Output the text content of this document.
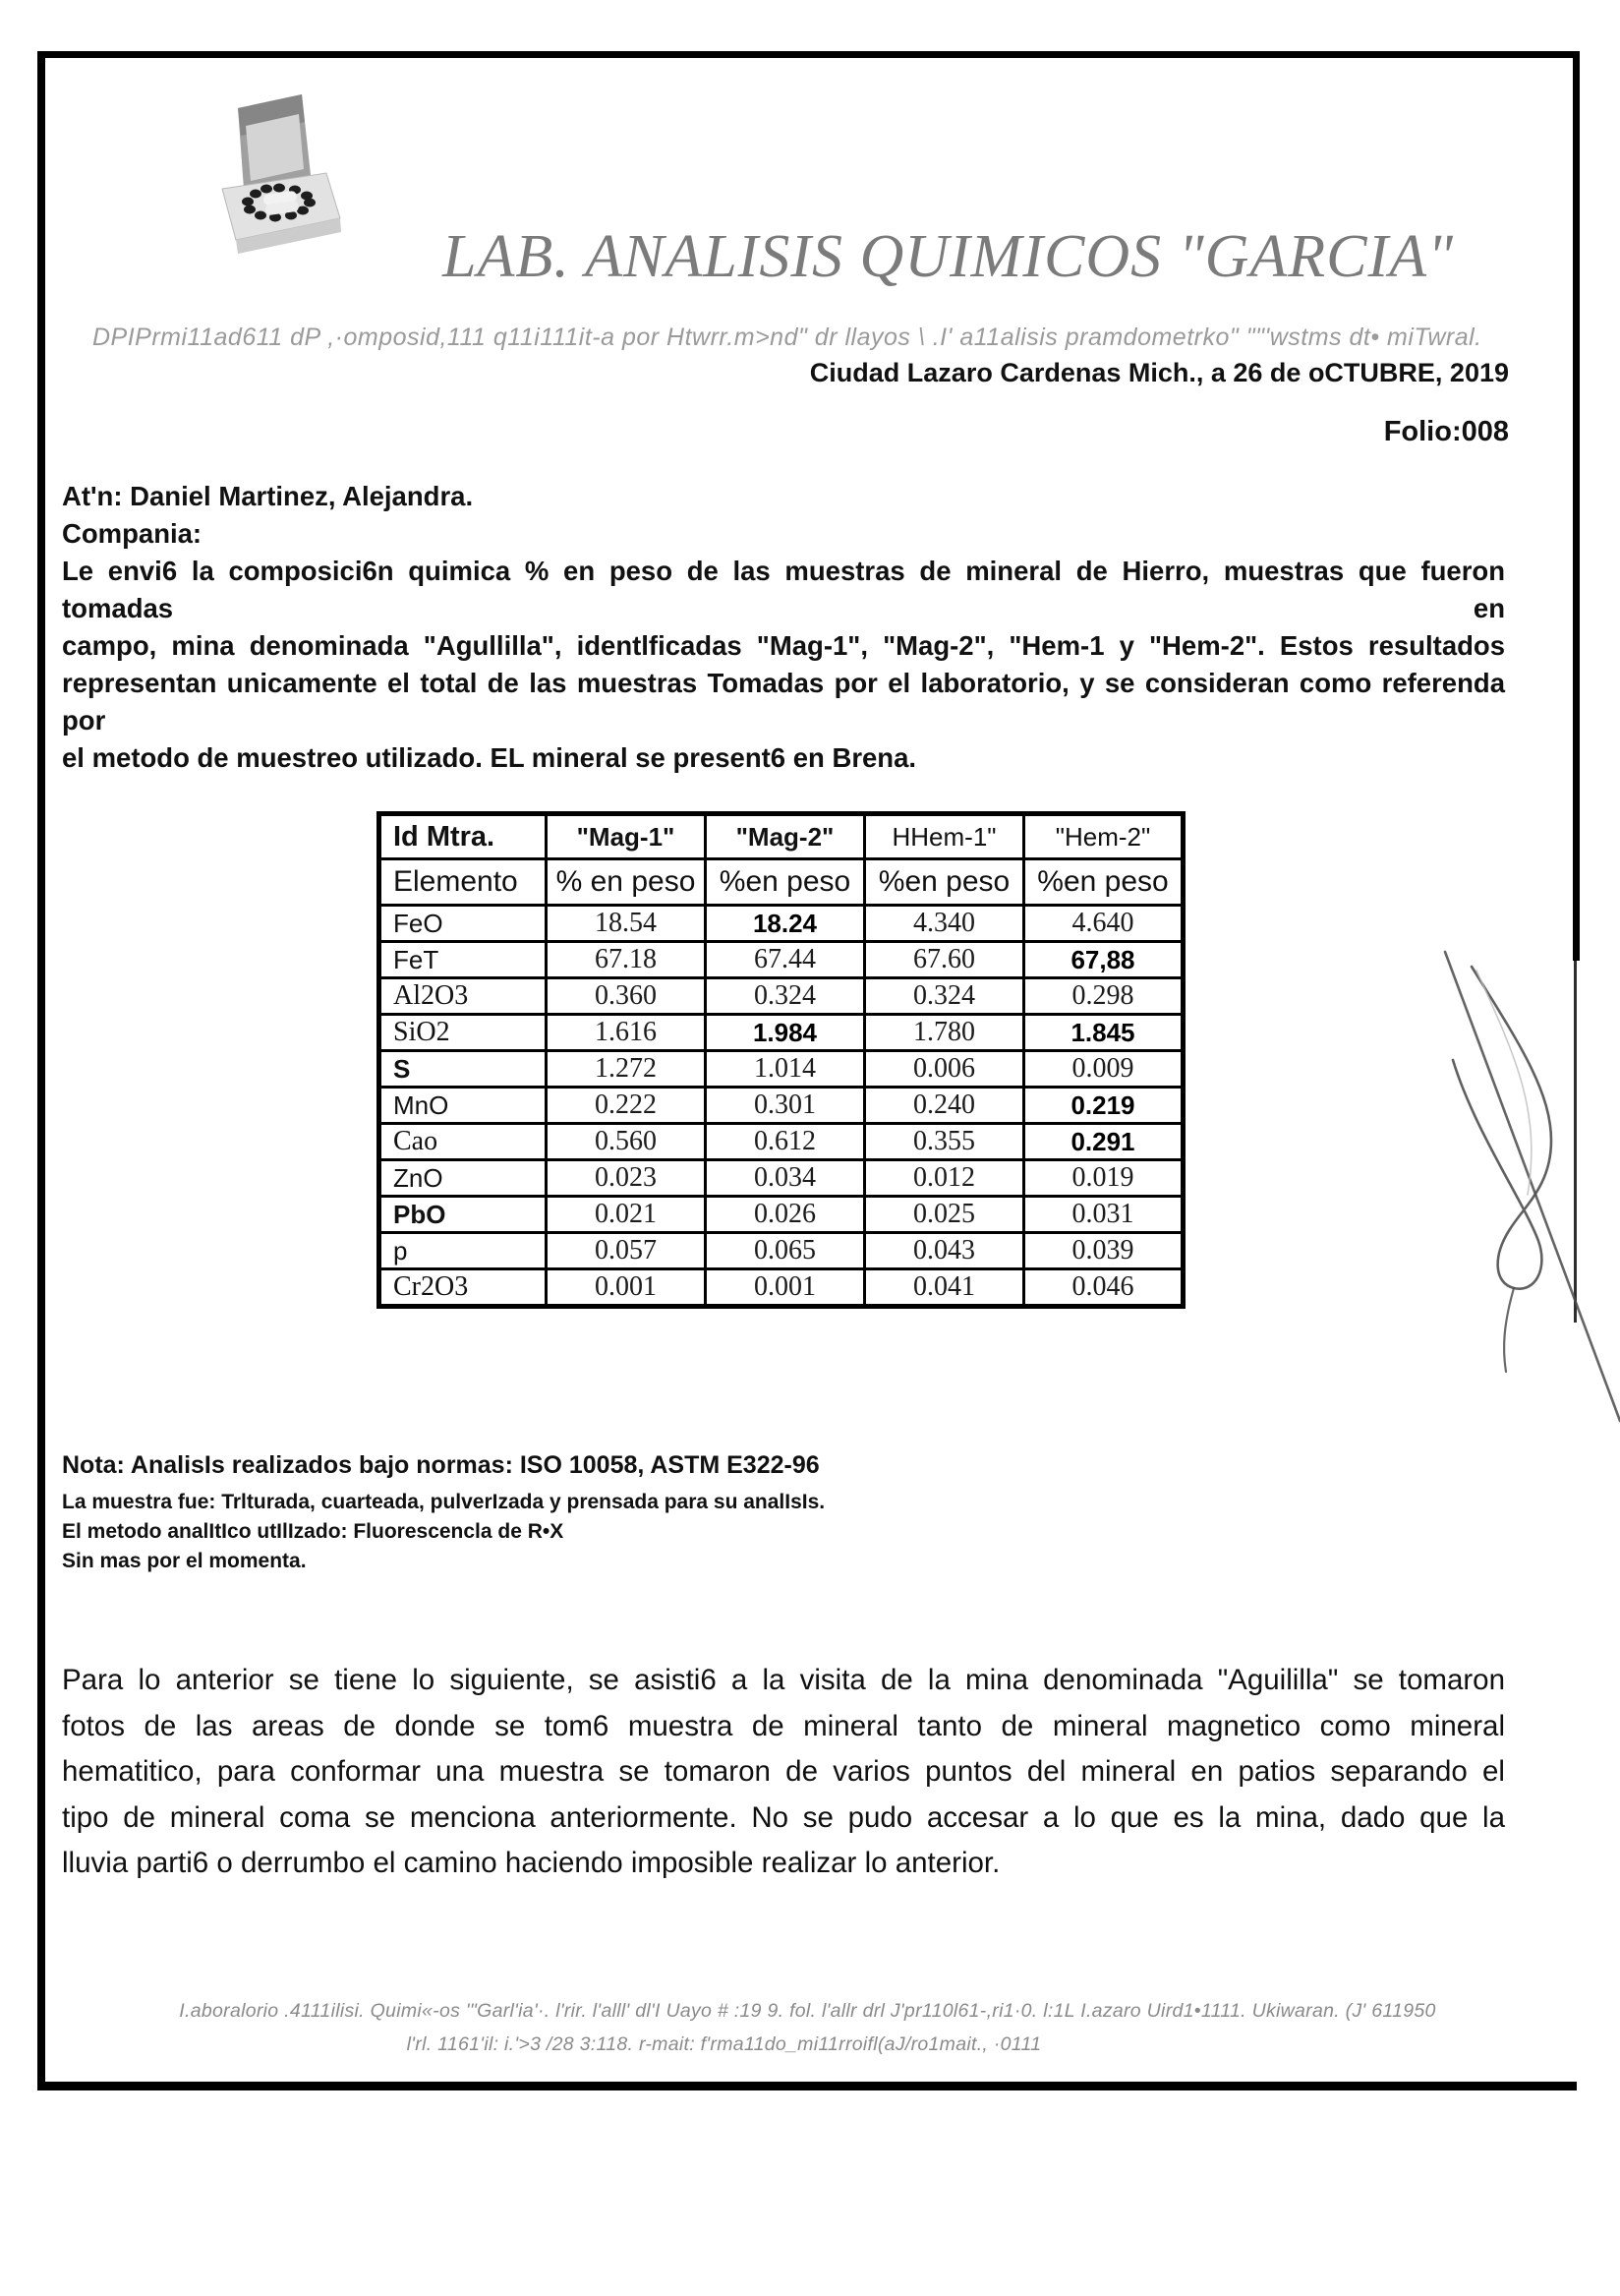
LAB. ANALISIS QUIMICOS "GARCIA"
DPIPrmi11ad611 dP ,·omposid,111 q11i111it-a por Htwrr.m>nd" dr llayos \ .I' a11alisis pramdometrko" ""'wstms dt• miTwral.
Ciudad Lazaro Cardenas Mich., a 26 de oCTUBRE, 2019
Folio:008
At'n: Daniel Martinez, Alejandra.
Compania:
Le envi6 la composici6n quimica % en peso de las muestras de mineral de Hierro, muestras que fueron tomadas en
campo, mina denominada "Agullilla", identlficadas "Mag-1", "Mag-2", "Hem-1 y "Hem-2". Estos resultados
representan unicamente el total de las muestras Tomadas por el laboratorio, y se consideran como referenda por
el metodo de muestreo utilizado. EL mineral se present6 en Brena.
Id Mtra.	"Mag-1"	"Mag-2"	HHem-1"	"Hem-2"
Elemento	% en peso	%en peso	%en peso	%en peso
FeO	18.54	18.24	4.340	4.640
FeT	67.18	67.44	67.60	67,88
Al2O3	0.360	0.324	0.324	0.298
SiO2	1.616	1.984	1.780	1.845
S	1.272	1.014	0.006	0.009
MnO	0.222	0.301	0.240	0.219
Cao	0.560	0.612	0.355	0.291
ZnO	0.023	0.034	0.012	0.019
PbO	0.021	0.026	0.025	0.031
p	0.057	0.065	0.043	0.039
Cr2O3	0.001	0.001	0.041	0.046
Nota: AnalisIs realizados bajo normas: ISO 10058, ASTM E322-96
La muestra fue: Trlturada, cuarteada, pulverIzada y prensada para su analIsIs.
El metodo analItIco utIlIzado: Fluorescencla de R•X
Sin mas por el momenta.
Para lo anterior se tiene lo siguiente, se asisti6 a la visita de la mina denominada "Aguililla" se tomaron
fotos de las areas de donde se tom6 muestra de mineral tanto de mineral magnetico como mineral
hematitico, para conformar una muestra se tomaron de varios puntos del mineral en patios separando el
tipo de mineral coma se menciona anteriormente. No se pudo accesar a lo que es la mina, dado que la
lluvia parti6 o derrumbo el camino haciendo imposible realizar lo anterior.
I.aboralorio .4111ilisi. Quimi«-os '"Garl'ia'·. l'rir. l'alll' dl'I Uayo # :19 9. fol. l'allr drl J'pr110l61-,ri1·0. l:1L I.azaro Uird1•1111. Ukiwaran. (J' 611950
l'rl. 1161'il: i.'>3 /28 3:118. r-mait: f'rma11do_mi11rroifl(aJ/ro1mait., ·0111
